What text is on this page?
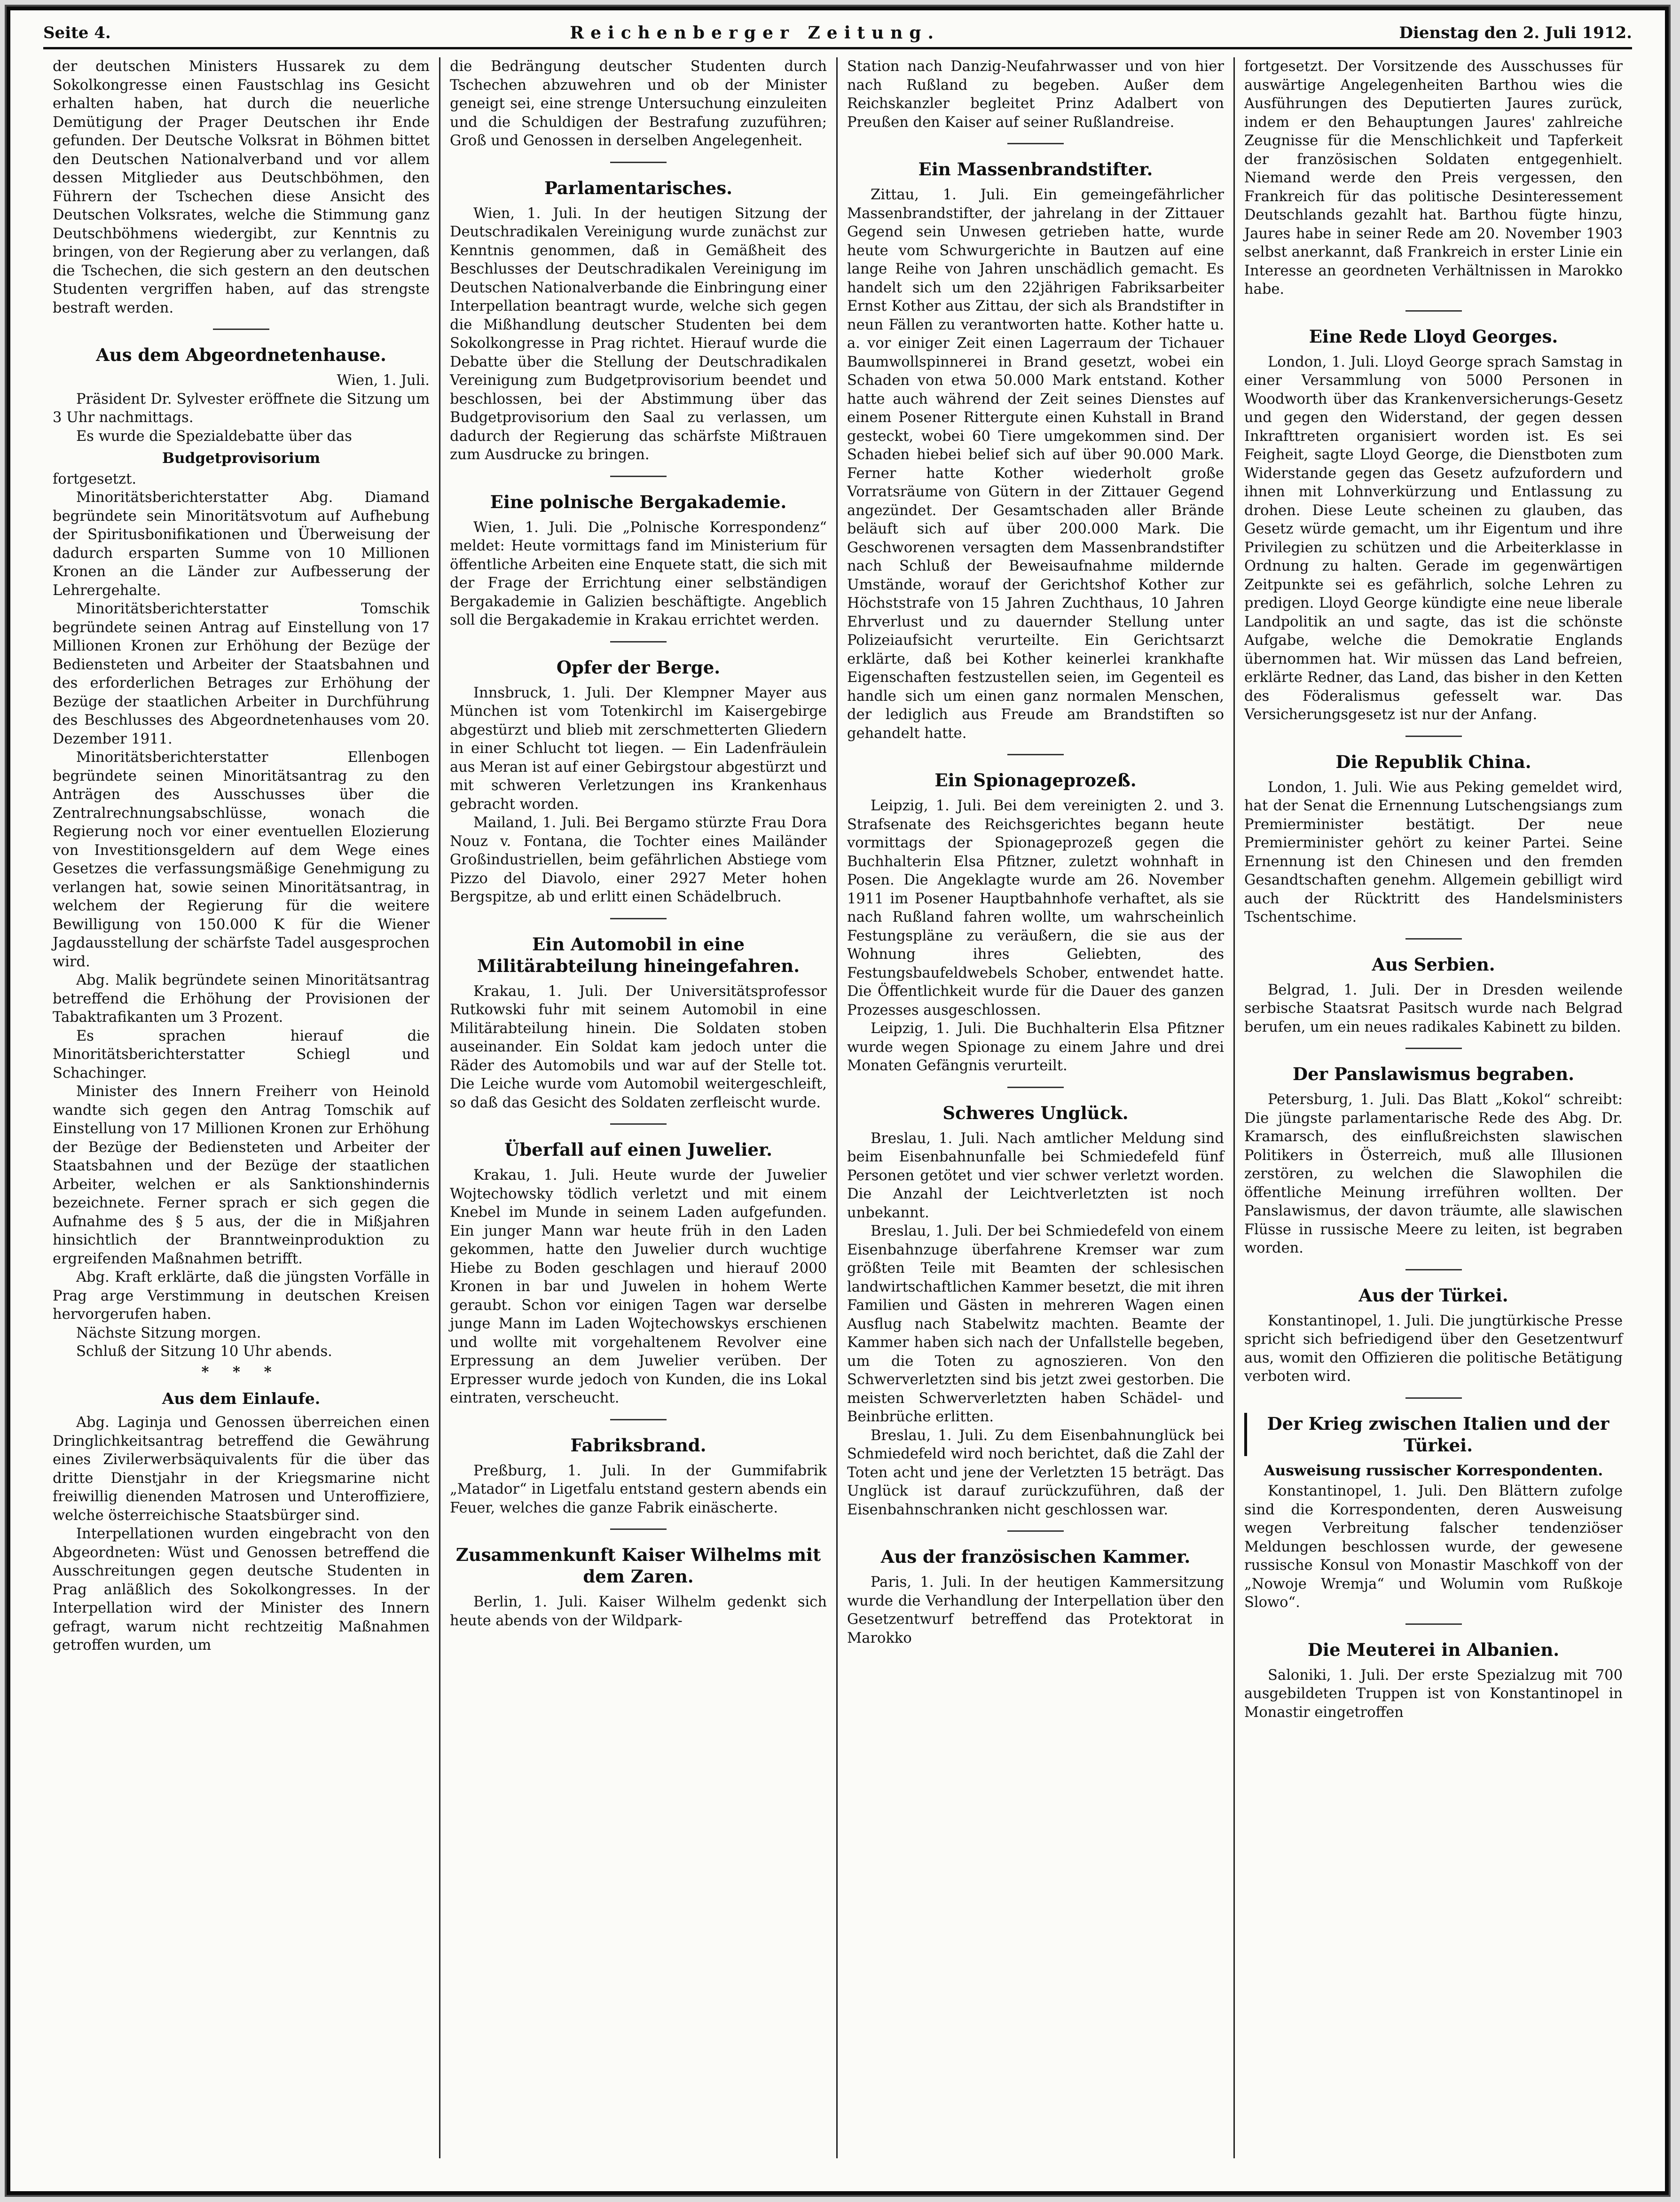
Seite 4.	Reichenberger Zeitung.	Dienstag den 2. Juli 1912.

der deutschen Ministers Hussarek zu dem Sokolkongresse einen Faustschlag ins Gesicht erhalten haben, hat durch die neuerliche Demütigung der Prager Deutschen ihr Ende gefunden. Der Deutsche Volksrat in Böhmen bittet den Deutschen Nationalverband und vor allem dessen Mitglieder aus Deutschböhmen, den Führern der Tschechen diese Ansicht des Deutschen Volksrates, welche die Stimmung ganz Deutschböhmens wiedergibt, zur Kenntnis zu bringen, von der Regierung aber zu verlangen, daß die Tschechen, die sich gestern an den deutschen Studenten vergriffen haben, auf das strengste bestraft werden.

Aus dem Abgeordnetenhause.

Wien, 1. Juli.

Präsident Dr. Sylvester eröffnete die Sitzung um 3 Uhr nachmittags.

Es wurde die Spezialdebatte über das

Budgetprovisorium

fortgesetzt.

Minoritätsberichterstatter Abg. Diamand begründete sein Minoritätsvotum auf Aufhebung der Spiritusbonifikationen und Überweisung der dadurch ersparten Summe von 10 Millionen Kronen an die Länder zur Aufbesserung der Lehrergehalte.

Minoritätsberichterstatter Tomschik begründete seinen Antrag auf Einstellung von 17 Millionen Kronen zur Erhöhung der Bezüge der Bediensteten und Arbeiter der Staatsbahnen und des erforderlichen Betrages zur Erhöhung der Bezüge der staatlichen Arbeiter in Durchführung des Beschlusses des Abgeordnetenhauses vom 20. Dezember 1911.

Minoritätsberichterstatter Ellenbogen begründete seinen Minoritätsantrag zu den Anträgen des Ausschusses über die Zentralrechnungsabschlüsse, wonach die Regierung noch vor einer eventuellen Elozierung von Investitionsgeldern auf dem Wege eines Gesetzes die verfassungsmäßige Genehmigung zu verlangen hat, sowie seinen Minoritätsantrag, in welchem der Regierung für die weitere Bewilligung von 150.000 K für die Wiener Jagdausstellung der schärfste Tadel ausgesprochen wird.

Abg. Malik begründete seinen Minoritätsantrag betreffend die Erhöhung der Provisionen der Tabaktrafikanten um 3 Prozent.

Es sprachen hierauf die Minoritätsberichterstatter Schiegl und Schachinger.

Minister des Innern Freiherr von Heinold wandte sich gegen den Antrag Tomschik auf Einstellung von 17 Millionen Kronen zur Erhöhung der Bezüge der Bediensteten und Arbeiter der Staatsbahnen und der Bezüge der staatlichen Arbeiter, welchen er als Sanktionshindernis bezeichnete. Ferner sprach er sich gegen die Aufnahme des § 5 aus, der die in Mißjahren hinsichtlich der Branntweinproduktion zu ergreifenden Maßnahmen betrifft.

Abg. Kraft erklärte, daß die jüngsten Vorfälle in Prag arge Verstimmung in deutschen Kreisen hervorgerufen haben.

Nächste Sitzung morgen.

Schluß der Sitzung 10 Uhr abends.

* * *
Aus dem Einlaufe.

Abg. Laginja und Genossen überreichen einen Dringlichkeitsantrag betreffend die Gewährung eines Zivilerwerbsäquivalents für die über das dritte Dienstjahr in der Kriegsmarine nicht freiwillig dienenden Matrosen und Unteroffiziere, welche österreichische Staatsbürger sind.

Interpellationen wurden eingebracht von den Abgeordneten: Wüst und Genossen betreffend die Ausschreitungen gegen deutsche Studenten in Prag anläßlich des Sokolkongresses. In der Interpellation wird der Minister des Innern gefragt, warum nicht rechtzeitig Maßnahmen getroffen wurden, um

die Bedrängung deutscher Studenten durch Tschechen abzuwehren und ob der Minister geneigt sei, eine strenge Untersuchung einzuleiten und die Schuldigen der Bestrafung zuzuführen; Groß und Genossen in derselben Angelegenheit.

Parlamentarisches.

Wien, 1. Juli. In der heutigen Sitzung der Deutschradikalen Vereinigung wurde zunächst zur Kenntnis genommen, daß in Gemäßheit des Beschlusses der Deutschradikalen Vereinigung im Deutschen Nationalverbande die Einbringung einer Interpellation beantragt wurde, welche sich gegen die Mißhandlung deutscher Studenten bei dem Sokolkongresse in Prag richtet. Hierauf wurde die Debatte über die Stellung der Deutschradikalen Vereinigung zum Budgetprovisorium beendet und beschlossen, bei der Abstimmung über das Budgetprovisorium den Saal zu verlassen, um dadurch der Regierung das schärfste Mißtrauen zum Ausdrucke zu bringen.

Eine polnische Bergakademie.

Wien, 1. Juli. Die „Polnische Korrespondenz“ meldet: Heute vormittags fand im Ministerium für öffentliche Arbeiten eine Enquete statt, die sich mit der Frage der Errichtung einer selbständigen Bergakademie in Galizien beschäftigte. Angeblich soll die Bergakademie in Krakau errichtet werden.

Opfer der Berge.

Innsbruck, 1. Juli. Der Klempner Mayer aus München ist vom Totenkirchl im Kaisergebirge abgestürzt und blieb mit zerschmetterten Gliedern in einer Schlucht tot liegen. — Ein Ladenfräulein aus Meran ist auf einer Gebirgstour abgestürzt und mit schweren Verletzungen ins Krankenhaus gebracht worden.

Mailand, 1. Juli. Bei Bergamo stürzte Frau Dora Nouz v. Fontana, die Tochter eines Mailänder Großindustriellen, beim gefährlichen Abstiege vom Pizzo del Diavolo, einer 2927 Meter hohen Bergspitze, ab und erlitt einen Schädelbruch.

Ein Automobil in eine Militärabteilung hineingefahren.

Krakau, 1. Juli. Der Universitätsprofessor Rutkowski fuhr mit seinem Automobil in eine Militärabteilung hinein. Die Soldaten stoben auseinander. Ein Soldat kam jedoch unter die Räder des Automobils und war auf der Stelle tot. Die Leiche wurde vom Automobil weitergeschleift, so daß das Gesicht des Soldaten zerfleischt wurde.

Überfall auf einen Juwelier.

Krakau, 1. Juli. Heute wurde der Juwelier Wojtechowsky tödlich verletzt und mit einem Knebel im Munde in seinem Laden aufgefunden. Ein junger Mann war heute früh in den Laden gekommen, hatte den Juwelier durch wuchtige Hiebe zu Boden geschlagen und hierauf 2000 Kronen in bar und Juwelen in hohem Werte geraubt. Schon vor einigen Tagen war derselbe junge Mann im Laden Wojtechowskys erschienen und wollte mit vorgehaltenem Revolver eine Erpressung an dem Juwelier verüben. Der Erpresser wurde jedoch von Kunden, die ins Lokal eintraten, verscheucht.

Fabriksbrand.

Preßburg, 1. Juli. In der Gummifabrik „Matador“ in Ligetfalu entstand gestern abends ein Feuer, welches die ganze Fabrik einäscherte.

Zusammenkunft Kaiser Wilhelms mit dem Zaren.

Berlin, 1. Juli. Kaiser Wilhelm gedenkt sich heute abends von der Wildpark-

Station nach Danzig-Neufahrwasser und von hier nach Rußland zu begeben. Außer dem Reichskanzler begleitet Prinz Adalbert von Preußen den Kaiser auf seiner Rußlandreise.

Ein Massenbrandstifter.

Zittau, 1. Juli. Ein gemeingefährlicher Massenbrandstifter, der jahrelang in der Zittauer Gegend sein Unwesen getrieben hatte, wurde heute vom Schwurgerichte in Bautzen auf eine lange Reihe von Jahren unschädlich gemacht. Es handelt sich um den 22jährigen Fabriksarbeiter Ernst Kother aus Zittau, der sich als Brandstifter in neun Fällen zu verantworten hatte. Kother hatte u. a. vor einiger Zeit einen Lagerraum der Tichauer Baumwollspinnerei in Brand gesetzt, wobei ein Schaden von etwa 50.000 Mark entstand. Kother hatte auch während der Zeit seines Dienstes auf einem Posener Rittergute einen Kuhstall in Brand gesteckt, wobei 60 Tiere umgekommen sind. Der Schaden hiebei belief sich auf über 90.000 Mark. Ferner hatte Kother wiederholt große Vorratsräume von Gütern in der Zittauer Gegend angezündet. Der Gesamtschaden aller Brände beläuft sich auf über 200.000 Mark. Die Geschworenen versagten dem Massenbrandstifter nach Schluß der Beweisaufnahme mildernde Umstände, worauf der Gerichtshof Kother zur Höchststrafe von 15 Jahren Zuchthaus, 10 Jahren Ehrverlust und zu dauernder Stellung unter Polizeiaufsicht verurteilte. Ein Gerichtsarzt erklärte, daß bei Kother keinerlei krankhafte Eigenschaften festzustellen seien, im Gegenteil es handle sich um einen ganz normalen Menschen, der lediglich aus Freude am Brandstiften so gehandelt hatte.

Ein Spionageprozeß.

Leipzig, 1. Juli. Bei dem vereinigten 2. und 3. Strafsenate des Reichsgerichtes begann heute vormittags der Spionageprozeß gegen die Buchhalterin Elsa Pfitzner, zuletzt wohnhaft in Posen. Die Angeklagte wurde am 26. November 1911 im Posener Hauptbahnhofe verhaftet, als sie nach Rußland fahren wollte, um wahrscheinlich Festungspläne zu veräußern, die sie aus der Wohnung ihres Geliebten, des Festungsbaufeldwebels Schober, entwendet hatte. Die Öffentlichkeit wurde für die Dauer des ganzen Prozesses ausgeschlossen.

Leipzig, 1. Juli. Die Buchhalterin Elsa Pfitzner wurde wegen Spionage zu einem Jahre und drei Monaten Gefängnis verurteilt.

Schweres Unglück.

Breslau, 1. Juli. Nach amtlicher Meldung sind beim Eisenbahnunfalle bei Schmiedefeld fünf Personen getötet und vier schwer verletzt worden. Die Anzahl der Leichtverletzten ist noch unbekannt.

Breslau, 1. Juli. Der bei Schmiedefeld von einem Eisenbahnzuge überfahrene Kremser war zum größten Teile mit Beamten der schlesischen landwirtschaftlichen Kammer besetzt, die mit ihren Familien und Gästen in mehreren Wagen einen Ausflug nach Stabelwitz machten. Beamte der Kammer haben sich nach der Unfallstelle begeben, um die Toten zu agnoszieren. Von den Schwerverletzten sind bis jetzt zwei gestorben. Die meisten Schwerverletzten haben Schädel- und Beinbrüche erlitten.

Breslau, 1. Juli. Zu dem Eisenbahnunglück bei Schmiedefeld wird noch berichtet, daß die Zahl der Toten acht und jene der Verletzten 15 beträgt. Das Unglück ist darauf zurückzuführen, daß der Eisenbahnschranken nicht geschlossen war.

Aus der französischen Kammer.

Paris, 1. Juli. In der heutigen Kammersitzung wurde die Verhandlung der Interpellation über den Gesetzentwurf betreffend das Protektorat in Marokko

fortgesetzt. Der Vorsitzende des Ausschusses für auswärtige Angelegenheiten Barthou wies die Ausführungen des Deputierten Jaures zurück, indem er den Behauptungen Jaures' zahlreiche Zeugnisse für die Menschlichkeit und Tapferkeit der französischen Soldaten entgegenhielt. Niemand werde den Preis vergessen, den Frankreich für das politische Desinteressement Deutschlands gezahlt hat. Barthou fügte hinzu, Jaures habe in seiner Rede am 20. November 1903 selbst anerkannt, daß Frankreich in erster Linie ein Interesse an geordneten Verhältnissen in Marokko habe.

Eine Rede Lloyd Georges.

London, 1. Juli. Lloyd George sprach Samstag in einer Versammlung von 5000 Personen in Woodworth über das Krankenversicherungs-Gesetz und gegen den Widerstand, der gegen dessen Inkrafttreten organisiert worden ist. Es sei Feigheit, sagte Lloyd George, die Dienstboten zum Widerstande gegen das Gesetz aufzufordern und ihnen mit Lohnverkürzung und Entlassung zu drohen. Diese Leute scheinen zu glauben, das Gesetz würde gemacht, um ihr Eigentum und ihre Privilegien zu schützen und die Arbeiterklasse in Ordnung zu halten. Gerade im gegenwärtigen Zeitpunkte sei es gefährlich, solche Lehren zu predigen. Lloyd George kündigte eine neue liberale Landpolitik an und sagte, das ist die schönste Aufgabe, welche die Demokratie Englands übernommen hat. Wir müssen das Land befreien, erklärte Redner, das Land, das bisher in den Ketten des Föderalismus gefesselt war. Das Versicherungsgesetz ist nur der Anfang.

Die Republik China.

London, 1. Juli. Wie aus Peking gemeldet wird, hat der Senat die Ernennung Lutschengsiangs zum Premierminister bestätigt. Der neue Premierminister gehört zu keiner Partei. Seine Ernennung ist den Chinesen und den fremden Gesandtschaften genehm. Allgemein gebilligt wird auch der Rücktritt des Handelsministers Tschentschime.

Aus Serbien.

Belgrad, 1. Juli. Der in Dresden weilende serbische Staatsrat Pasitsch wurde nach Belgrad berufen, um ein neues radikales Kabinett zu bilden.

Der Panslawismus begraben.

Petersburg, 1. Juli. Das Blatt „Kokol“ schreibt: Die jüngste parlamentarische Rede des Abg. Dr. Kramarsch, des einflußreichsten slawischen Politikers in Österreich, muß alle Illusionen zerstören, zu welchen die Slawophilen die öffentliche Meinung irreführen wollten. Der Panslawismus, der davon träumte, alle slawischen Flüsse in russische Meere zu leiten, ist begraben worden.

Aus der Türkei.

Konstantinopel, 1. Juli. Die jungtürkische Presse spricht sich befriedigend über den Gesetzentwurf aus, womit den Offizieren die politische Betätigung verboten wird.

Der Krieg zwischen Italien und der Türkei.
Ausweisung russischer Korrespondenten.

Konstantinopel, 1. Juli. Den Blättern zufolge sind die Korrespondenten, deren Ausweisung wegen Verbreitung falscher tendenziöser Meldungen beschlossen wurde, der gewesene russische Konsul von Monastir Maschkoff von der „Nowoje Wremja“ und Wolumin vom Rußkoje Slowo“.

Die Meuterei in Albanien.

Saloniki, 1. Juli. Der erste Spezialzug mit 700 ausgebildeten Truppen ist von Konstantinopel in Monastir eingetroffen
